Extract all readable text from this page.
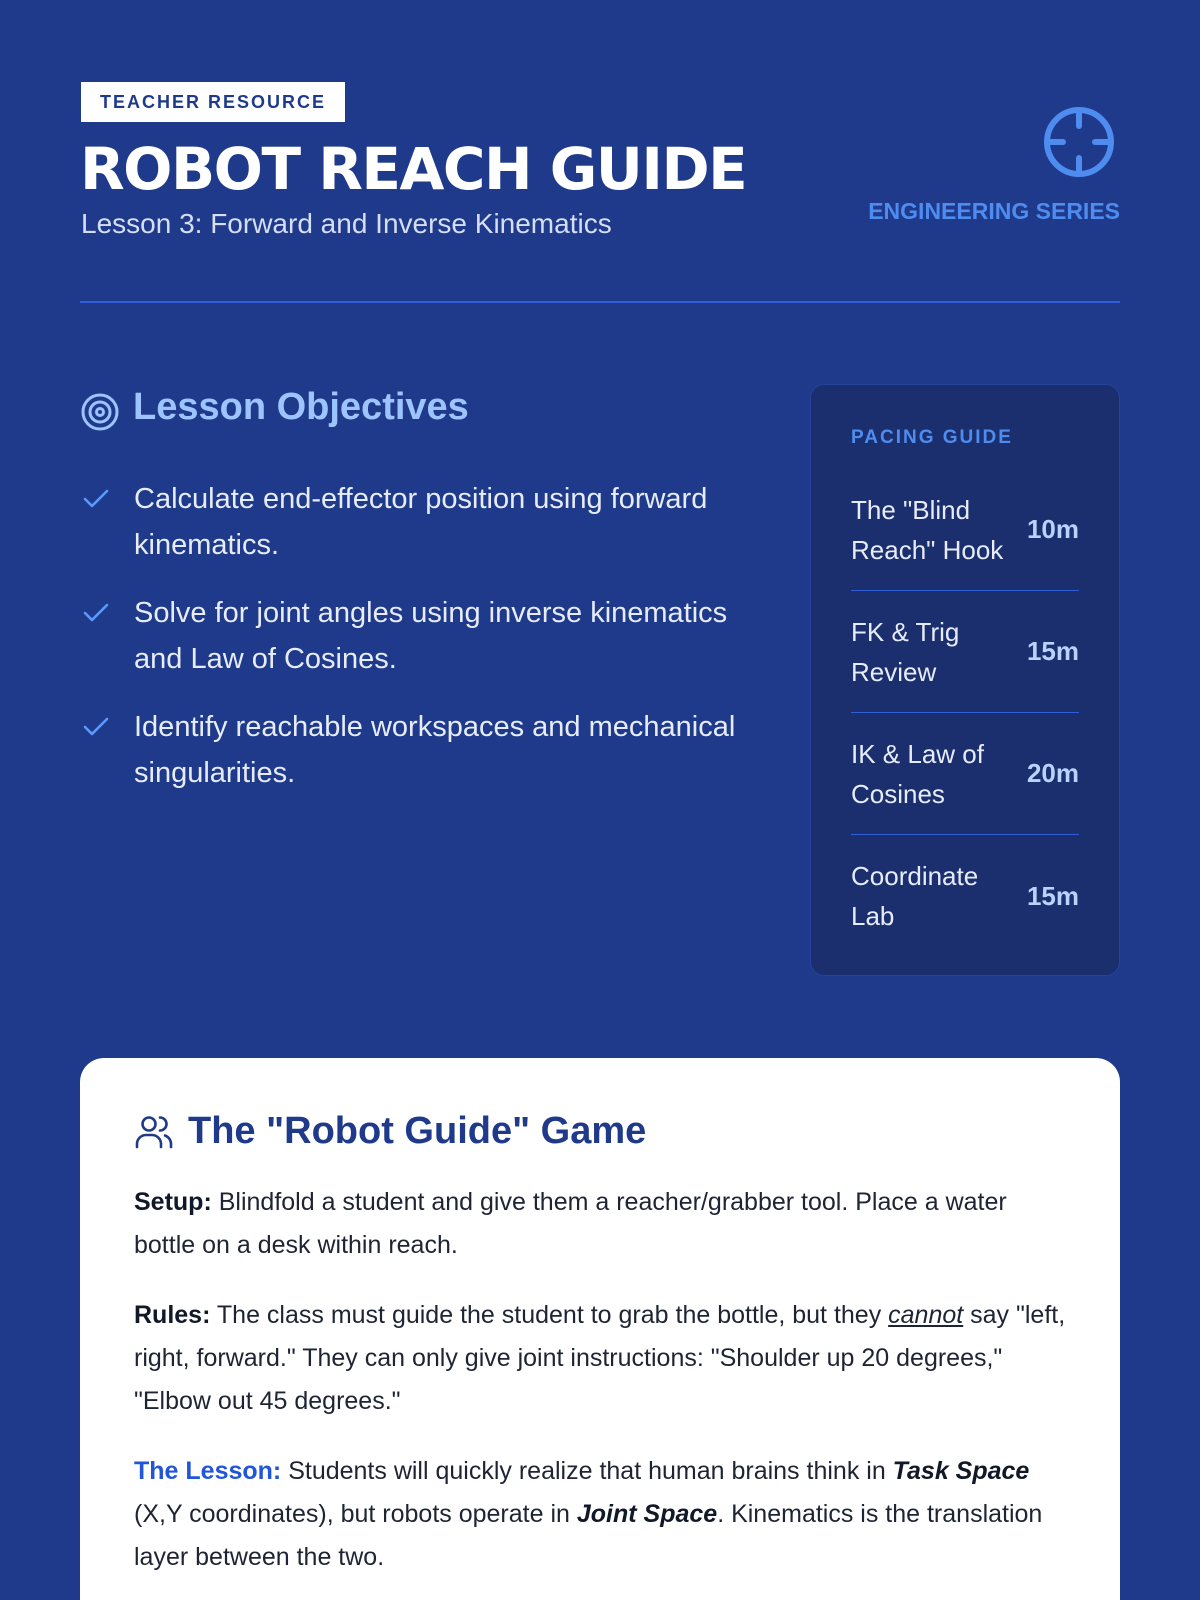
TEACHER RESOURCE
ROBOT REACH GUIDE
Lesson 3: Forward and Inverse Kinematics	ENGINEERING SERIES
Lesson Objectives
Calculate end-effector position using forward kinematics.
Solve for joint angles using inverse kinematics and Law of Cosines.
Identify reachable workspaces and mechanical singularities.
PACING GUIDE
The "Blind Reach" Hook
10m
FK & Trig Review
15m
IK & Law of Cosines
20m
Coordinate Lab
15m
The "Robot Guide" Game

Setup: Blindfold a student and give them a reacher/grabber tool. Place a water bottle on a desk within reach.

Rules: The class must guide the student to grab the bottle, but they cannot say "left, right, forward." They can only give joint instructions: "Shoulder up 20 degrees," "Elbow out 45 degrees."

The Lesson: Students will quickly realize that human brains think in Task Space (X,Y coordinates), but robots operate in Joint Space. Kinematics is the translation layer between the two.
